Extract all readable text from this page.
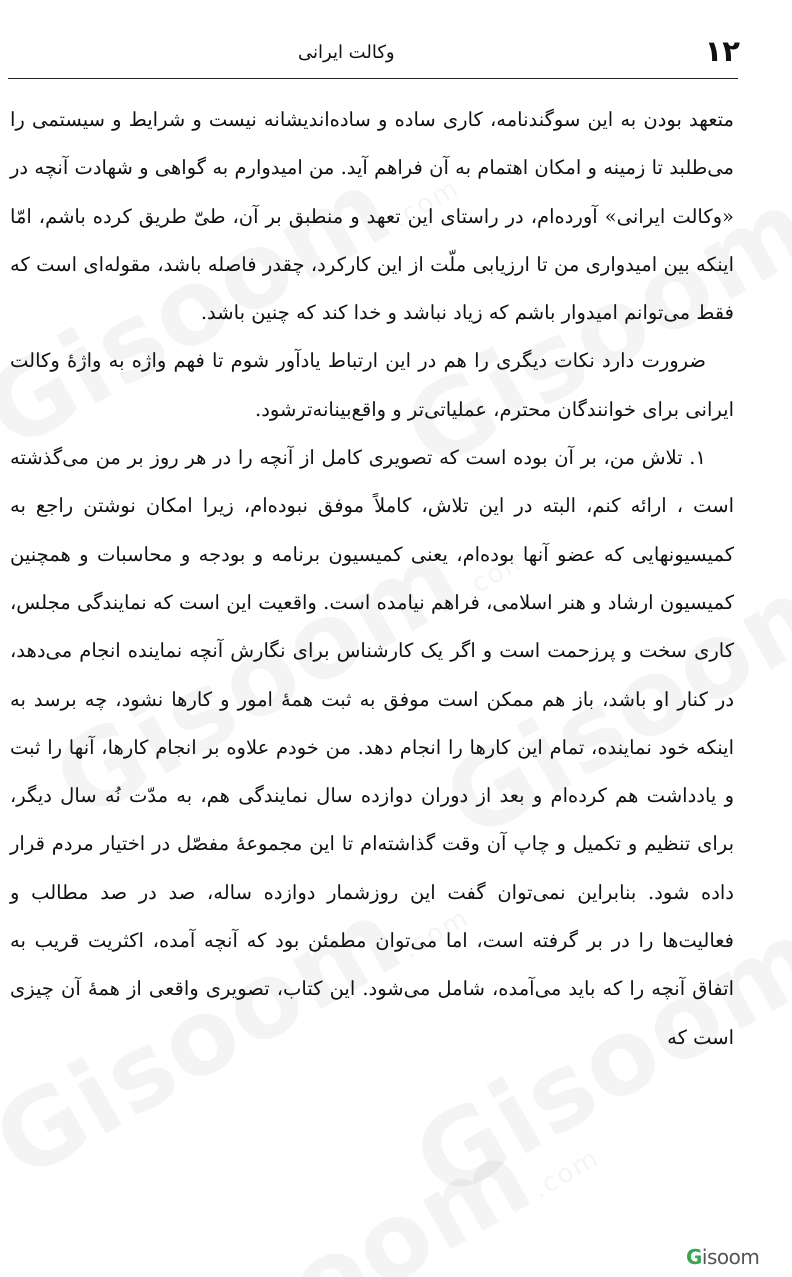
۱۲
وکالت ایرانی

متعهد بودن به این سوگندنامه، کاری ساده و ساده‌اندیشانه نیست و شرایط و سیستمی را می‌طلبد تا زمینه و امکان اهتمام به آن فراهم آید. من امیدوارم به گواهی و شهادت آنچه در «وکالت ایرانی» آورده‌ام، در راستای این تعهد و منطبق بر آن، طیّ طریق کرده باشم، امّا اینکه بین امیدواری من تا ارزیابی ملّت از این کارکرد، چقدر فاصله باشد، مقوله‌ای است که فقط می‌توانم امیدوار باشم که زیاد نباشد و خدا کند که چنین باشد.

ضرورت دارد نکات دیگری را هم در این ارتباط یادآور شوم تا فهم واژه به واژهٔ وکالت ایرانی برای خوانندگان محترم، عملیاتی‌تر و واقع‌بینانه‌ترشود.

۱. تلاش من، بر آن بوده است که تصویری کامل از آنچه را در هر روز بر من می‌گذشته است ، ارائه کنم، البته در این تلاش، کاملاً موفق نبوده‌ام، زیرا امکان نوشتن راجع به کمیسیونهایی که عضو آنها بوده‌ام، یعنی کمیسیون برنامه و بودجه و محاسبات و همچنین کمیسیون ارشاد و هنر اسلامی، فراهم نیامده است. واقعیت این است که نمایندگی مجلس، کاری سخت و پرزحمت است و اگر یک کارشناس برای نگارش آنچه نماینده انجام می‌دهد، در کنار او باشد، باز هم ممکن است موفق به ثبت همهٔ امور و کارها نشود، چه برسد به اینکه خود نماینده، تمام این کارها را انجام دهد. من خودم علاوه بر انجام کارها، آنها را ثبت و یادداشت هم کرده‌ام و بعد از دوران دوازده سال نمایندگی هم، به مدّت نُه سال دیگر، برای تنظیم و تکمیل و چاپ آن وقت گذاشته‌ام تا این مجموعهٔ مفصّل در اختیار مردم قرار داده شود. بنابراین نمی‌توان گفت این روزشمار دوازده ساله، صد در صد مطالب و فعالیت‌ها را در بر گرفته است، اما می‌توان مطمئن بود که آنچه آمده، اکثریت قریب به اتفاق آنچه را که باید می‌آمده، شامل می‌شود. این کتاب، تصویری واقعی از همهٔ آن چیزی است که

Gisoom
